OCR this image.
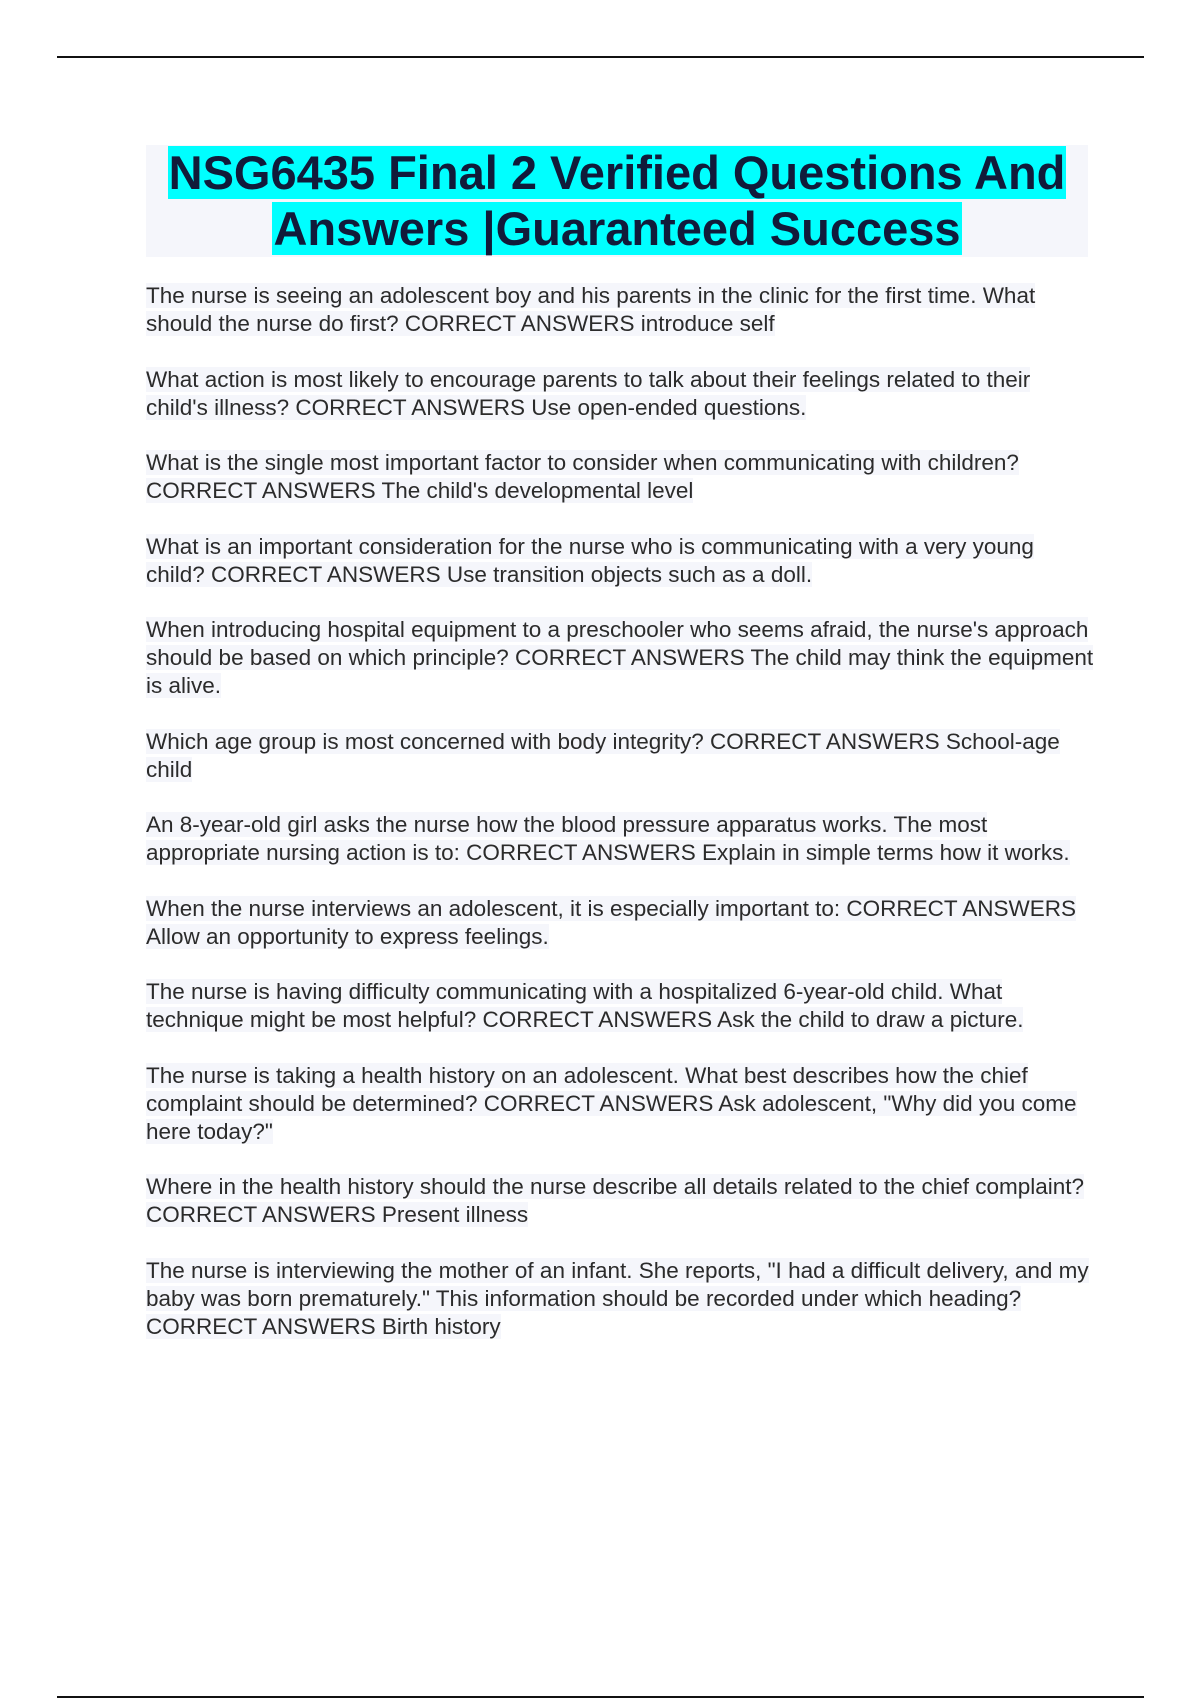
NSG6435 Final 2 Verified Questions And
Answers |Guaranteed Success

The nurse is seeing an adolescent boy and his parents in the clinic for the first time. What should the nurse do first? CORRECT ANSWERS introduce self

What action is most likely to encourage parents to talk about their feelings related to their child's illness? CORRECT ANSWERS Use open-ended questions.

What is the single most important factor to consider when communicating with children? CORRECT ANSWERS The child's developmental level

What is an important consideration for the nurse who is communicating with a very young child? CORRECT ANSWERS Use transition objects such as a doll.

When introducing hospital equipment to a preschooler who seems afraid, the nurse's approach should be based on which principle? CORRECT ANSWERS The child may think the equipment is alive.

Which age group is most concerned with body integrity? CORRECT ANSWERS School-age child

An 8-year-old girl asks the nurse how the blood pressure apparatus works. The most appropriate nursing action is to: CORRECT ANSWERS Explain in simple terms how it works.

When the nurse interviews an adolescent, it is especially important to: CORRECT ANSWERS Allow an opportunity to express feelings.

The nurse is having difficulty communicating with a hospitalized 6-year-old child. What technique might be most helpful? CORRECT ANSWERS Ask the child to draw a picture.

The nurse is taking a health history on an adolescent. What best describes how the chief complaint should be determined? CORRECT ANSWERS Ask adolescent, "Why did you come here today?"

Where in the health history should the nurse describe all details related to the chief complaint? CORRECT ANSWERS Present illness

The nurse is interviewing the mother of an infant. She reports, "I had a difficult delivery, and my baby was born prematurely." This information should be recorded under which heading? CORRECT ANSWERS Birth history
